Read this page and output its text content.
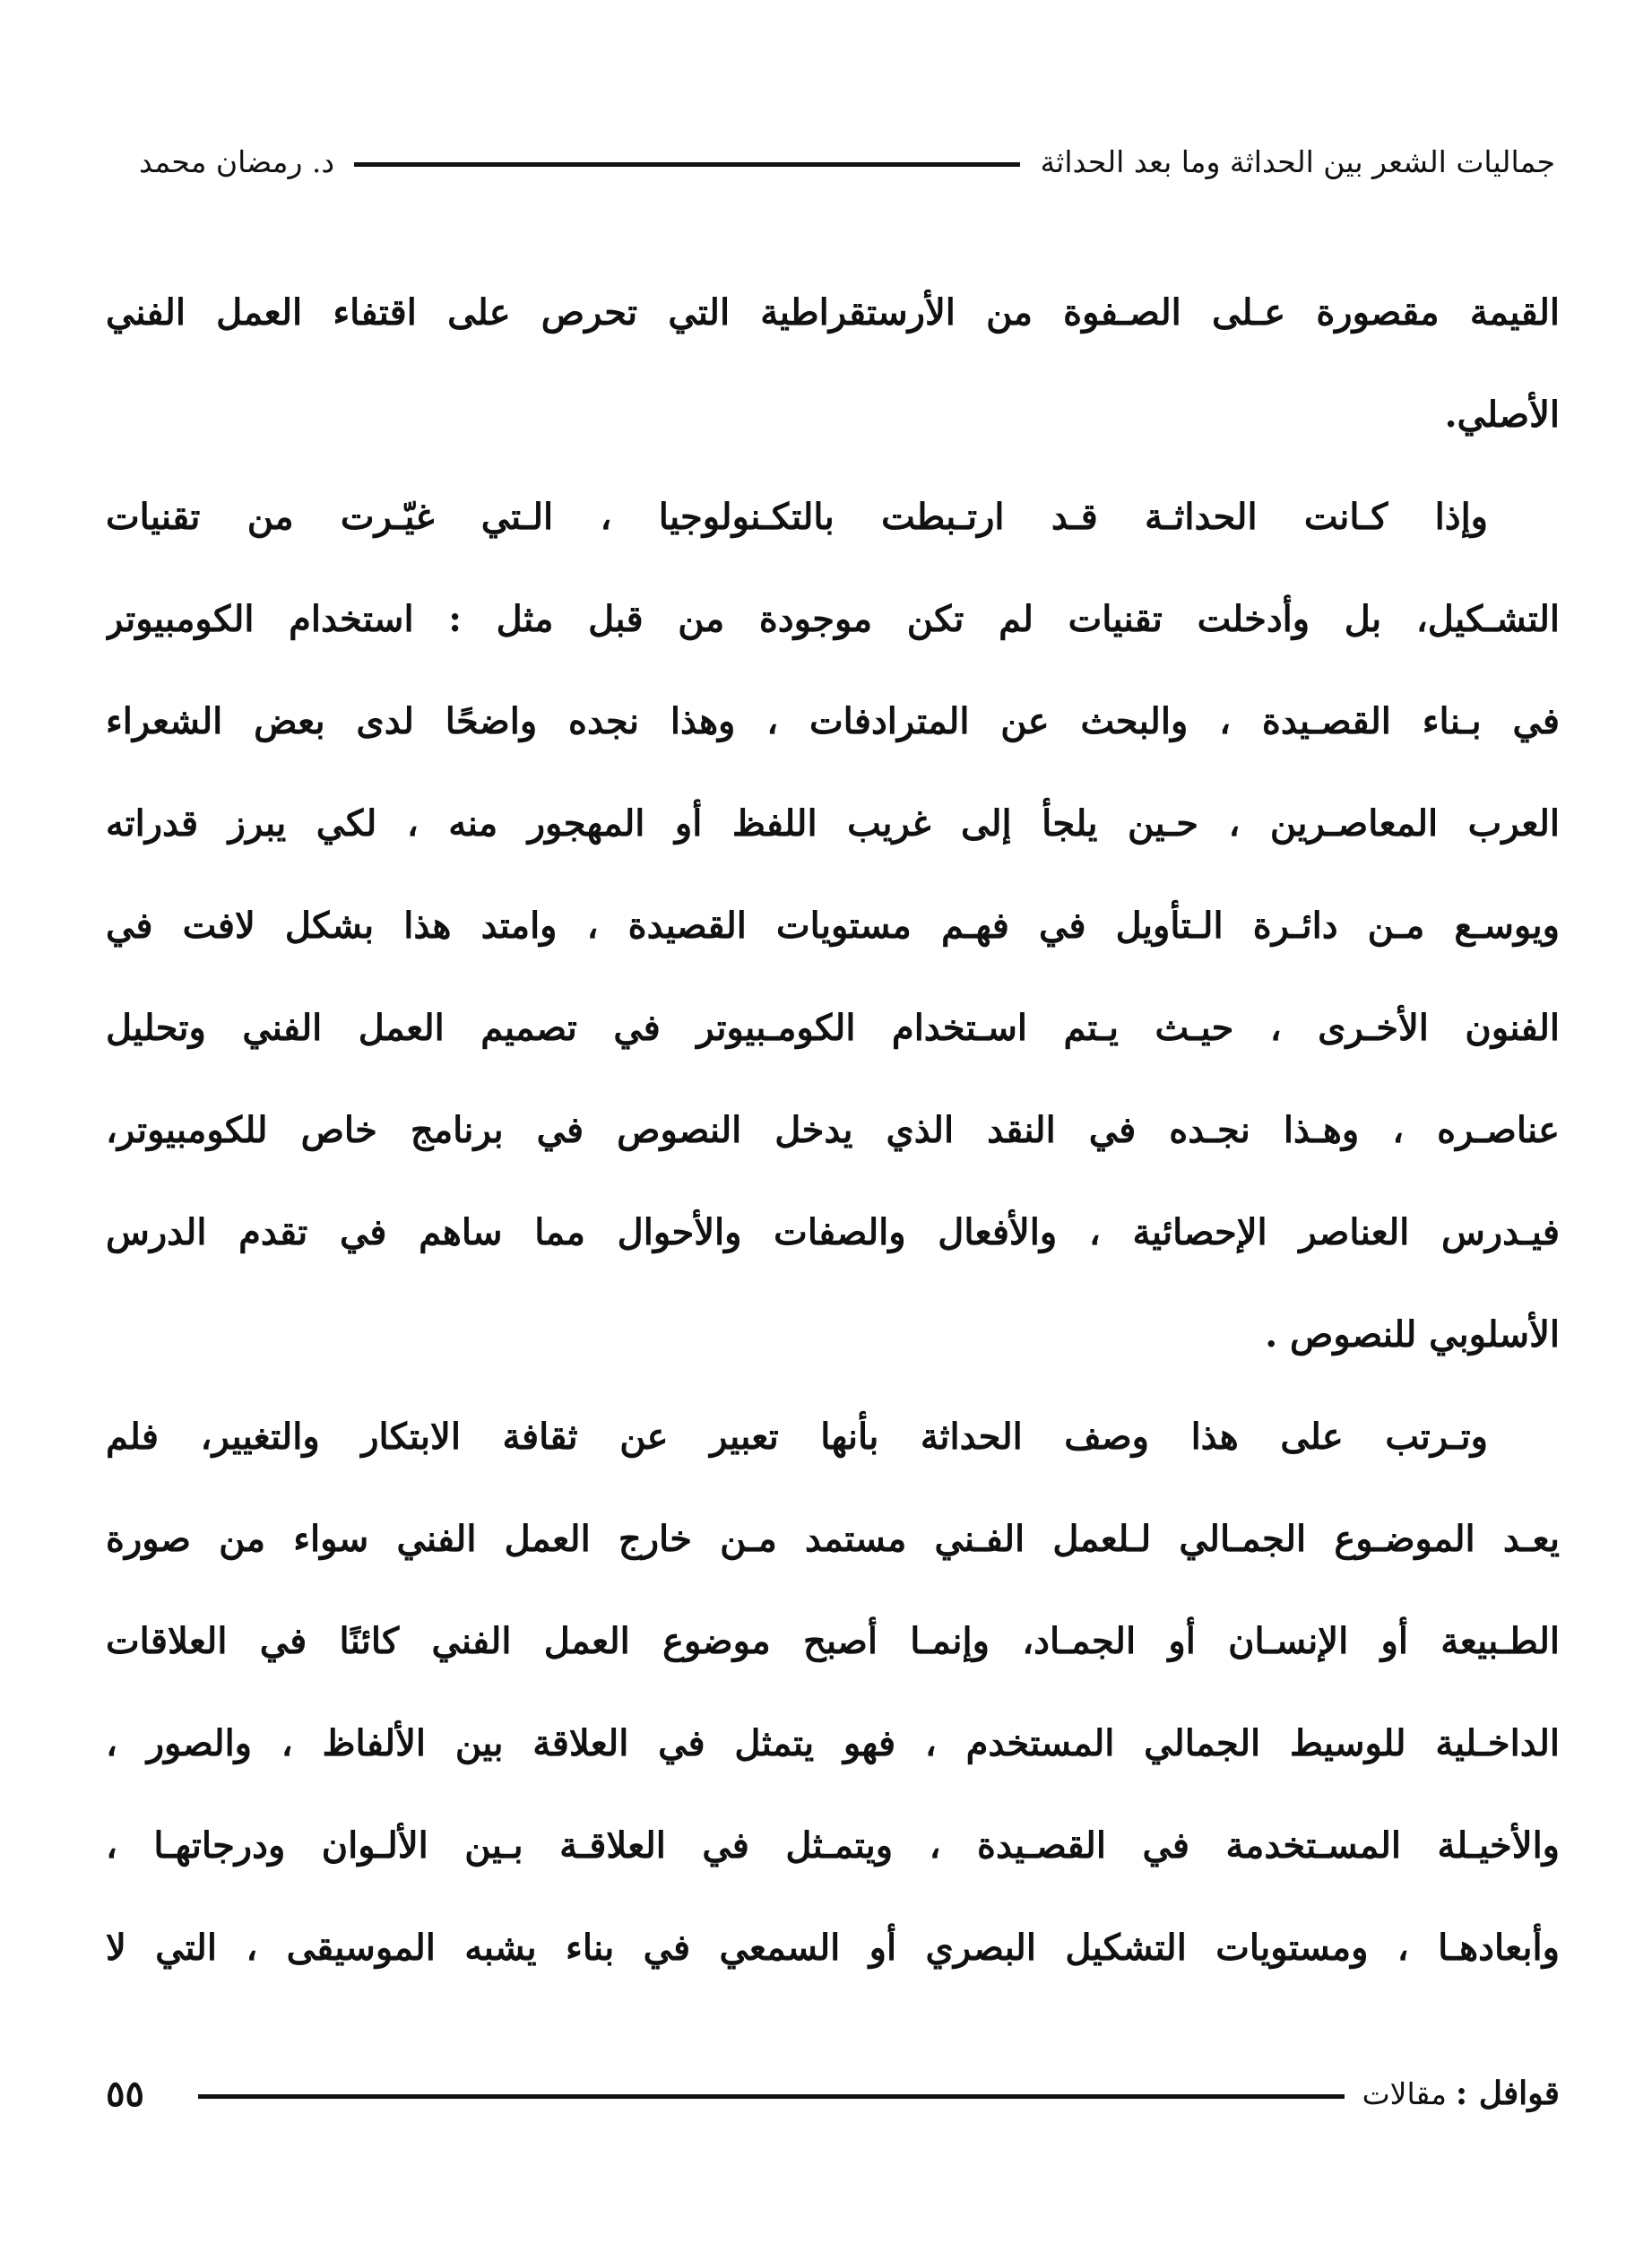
جماليات الشعر بين الحداثة وما بعد الحداثة
د. رمضان محمد
القيمة مقصورة عـلى الصـفوة من الأرستقراطية التي تحرص على اقتفاء العمل الفني
الأصلي.
وإذا كـانت الحداثـة قـد ارتـبطت بالتكـنولوجيا ، الـتي غيّـرت من تقنيات
التشـكيل، بل وأدخلت تقنيات لم تكن موجودة من قبل مثل : استخدام الكومبيوتر
في بـناء القصـيدة ، والبحث عن المترادفات ، وهذا نجده واضحًا لدى بعض الشعراء
العرب المعاصـرين ، حـين يلجأ إلى غريب اللفظ أو المهجور منه ، لكي يبرز قدراته
ويوسـع مـن دائـرة الـتأويل في فهـم مستويات القصيدة ، وامتد هذا بشكل لافت في
الفنون الأخـرى ، حيـث يـتم اسـتخدام الكومـبيوتر في تصميم العمل الفني وتحليل
عناصـره ، وهـذا نجـده في النقد الذي يدخل النصوص في برنامج خاص للكومبيوتر،
فيـدرس العناصر الإحصائية ، والأفعال والصفات والأحوال مما ساهم في تقدم الدرس
الأسلوبي للنصوص .
وتـرتب على هذا وصف الحداثة بأنها تعبير عن ثقافة الابتكار والتغيير، فلم
يعـد الموضـوع الجمـالي لـلعمل الفـني مستمد مـن خارج العمل الفني سواء من صورة
الطـبيعة أو الإنسـان أو الجمـاد، وإنمـا أصبح موضوع العمل الفني كائنًا في العلاقات
الداخـلية للوسيط الجمالي المستخدم ، فهو يتمثل في العلاقة بين الألفاظ ، والصور ،
والأخيـلة المسـتخدمة في القصـيدة ، ويتمـثل في العلاقـة بـين الألـوان ودرجاتهـا ،
وأبعادهـا ، ومستويات التشكيل البصري أو السمعي في بناء يشبه الموسيقى ، التي لا
قوافل :
مقالات
٥٥
